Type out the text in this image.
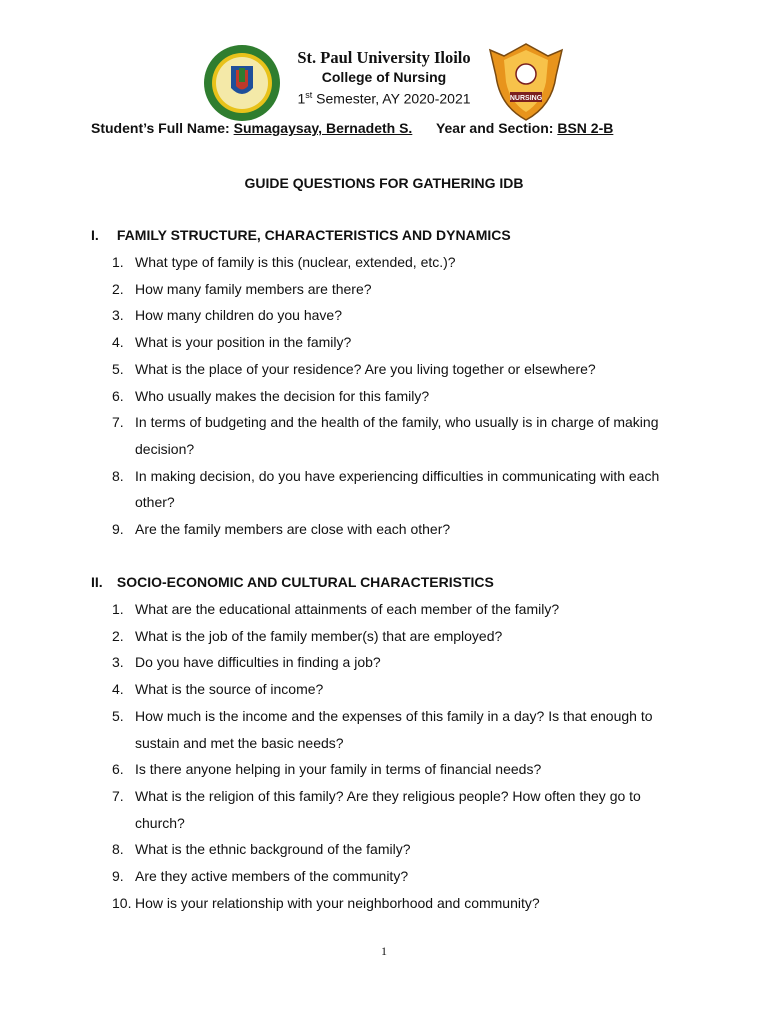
St. Paul University Iloilo
College of Nursing
1st Semester, AY 2020-2021	NURSING
Student’s Full Name: Sumagaysay, Bernadeth S. Year and Section: BSN 2-B
GUIDE QUESTIONS FOR GATHERING IDB
I. FAMILY STRUCTURE, CHARACTERISTICS AND DYNAMICS
1. What type of family is this (nuclear, extended, etc.)?
2. How many family members are there?
3. How many children do you have?
4. What is your position in the family?
5. What is the place of your residence? Are you living together or elsewhere?
6. Who usually makes the decision for this family?
7. In terms of budgeting and the health of the family, who usually is in charge of making decision?
8. In making decision, do you have experiencing difficulties in communicating with each other?
9. Are the family members are close with each other?
II. SOCIO-ECONOMIC AND CULTURAL CHARACTERISTICS
1. What are the educational attainments of each member of the family?
2. What is the job of the family member(s) that are employed?
3. Do you have difficulties in finding a job?
4. What is the source of income?
5. How much is the income and the expenses of this family in a day? Is that enough to sustain and met the basic needs?
6. Is there anyone helping in your family in terms of financial needs?
7. What is the religion of this family? Are they religious people? How often they go to church?
8. What is the ethnic background of the family?
9. Are they active members of the community?
10. How is your relationship with your neighborhood and community?
1
